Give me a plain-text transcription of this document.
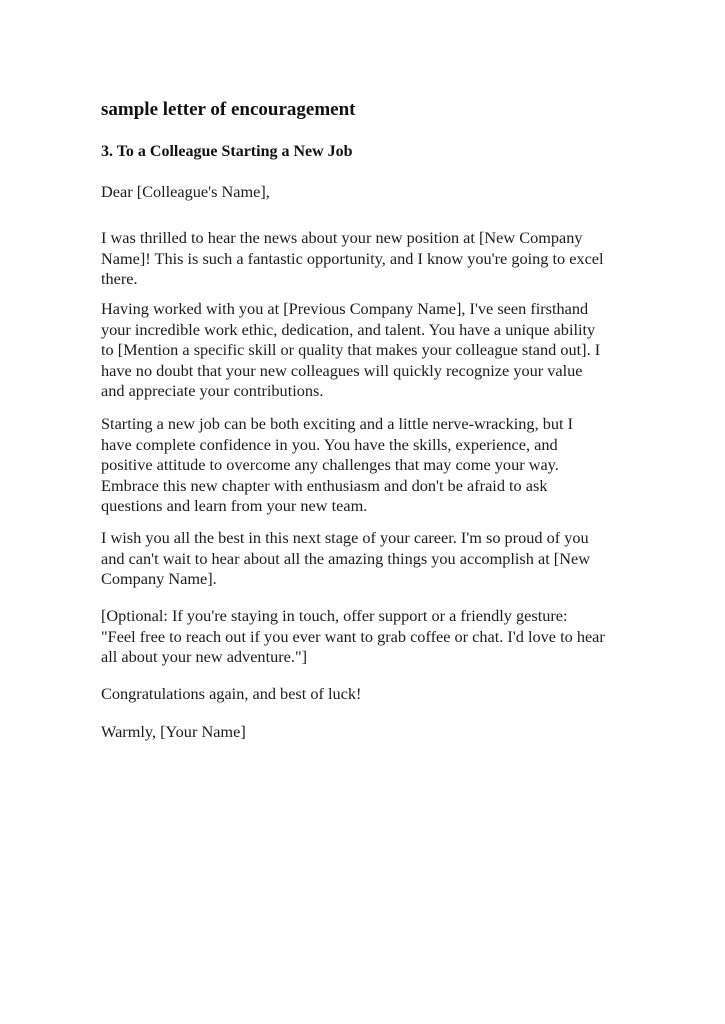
sample letter of encouragement
3. To a Colleague Starting a New Job

Dear [Colleague's Name],

I was thrilled to hear the news about your new position at [New Company
Name]! This is such a fantastic opportunity, and I know you're going to excel
there.

Having worked with you at [Previous Company Name], I've seen firsthand
your incredible work ethic, dedication, and talent. You have a unique ability
to [Mention a specific skill or quality that makes your colleague stand out]. I
have no doubt that your new colleagues will quickly recognize your value
and appreciate your contributions.

Starting a new job can be both exciting and a little nerve-wracking, but I
have complete confidence in you. You have the skills, experience, and
positive attitude to overcome any challenges that may come your way.
Embrace this new chapter with enthusiasm and don't be afraid to ask
questions and learn from your new team.

I wish you all the best in this next stage of your career. I'm so proud of you
and can't wait to hear about all the amazing things you accomplish at [New
Company Name].

[Optional: If you're staying in touch, offer support or a friendly gesture:
"Feel free to reach out if you ever want to grab coffee or chat. I'd love to hear
all about your new adventure."]

Congratulations again, and best of luck!

Warmly, [Your Name]
